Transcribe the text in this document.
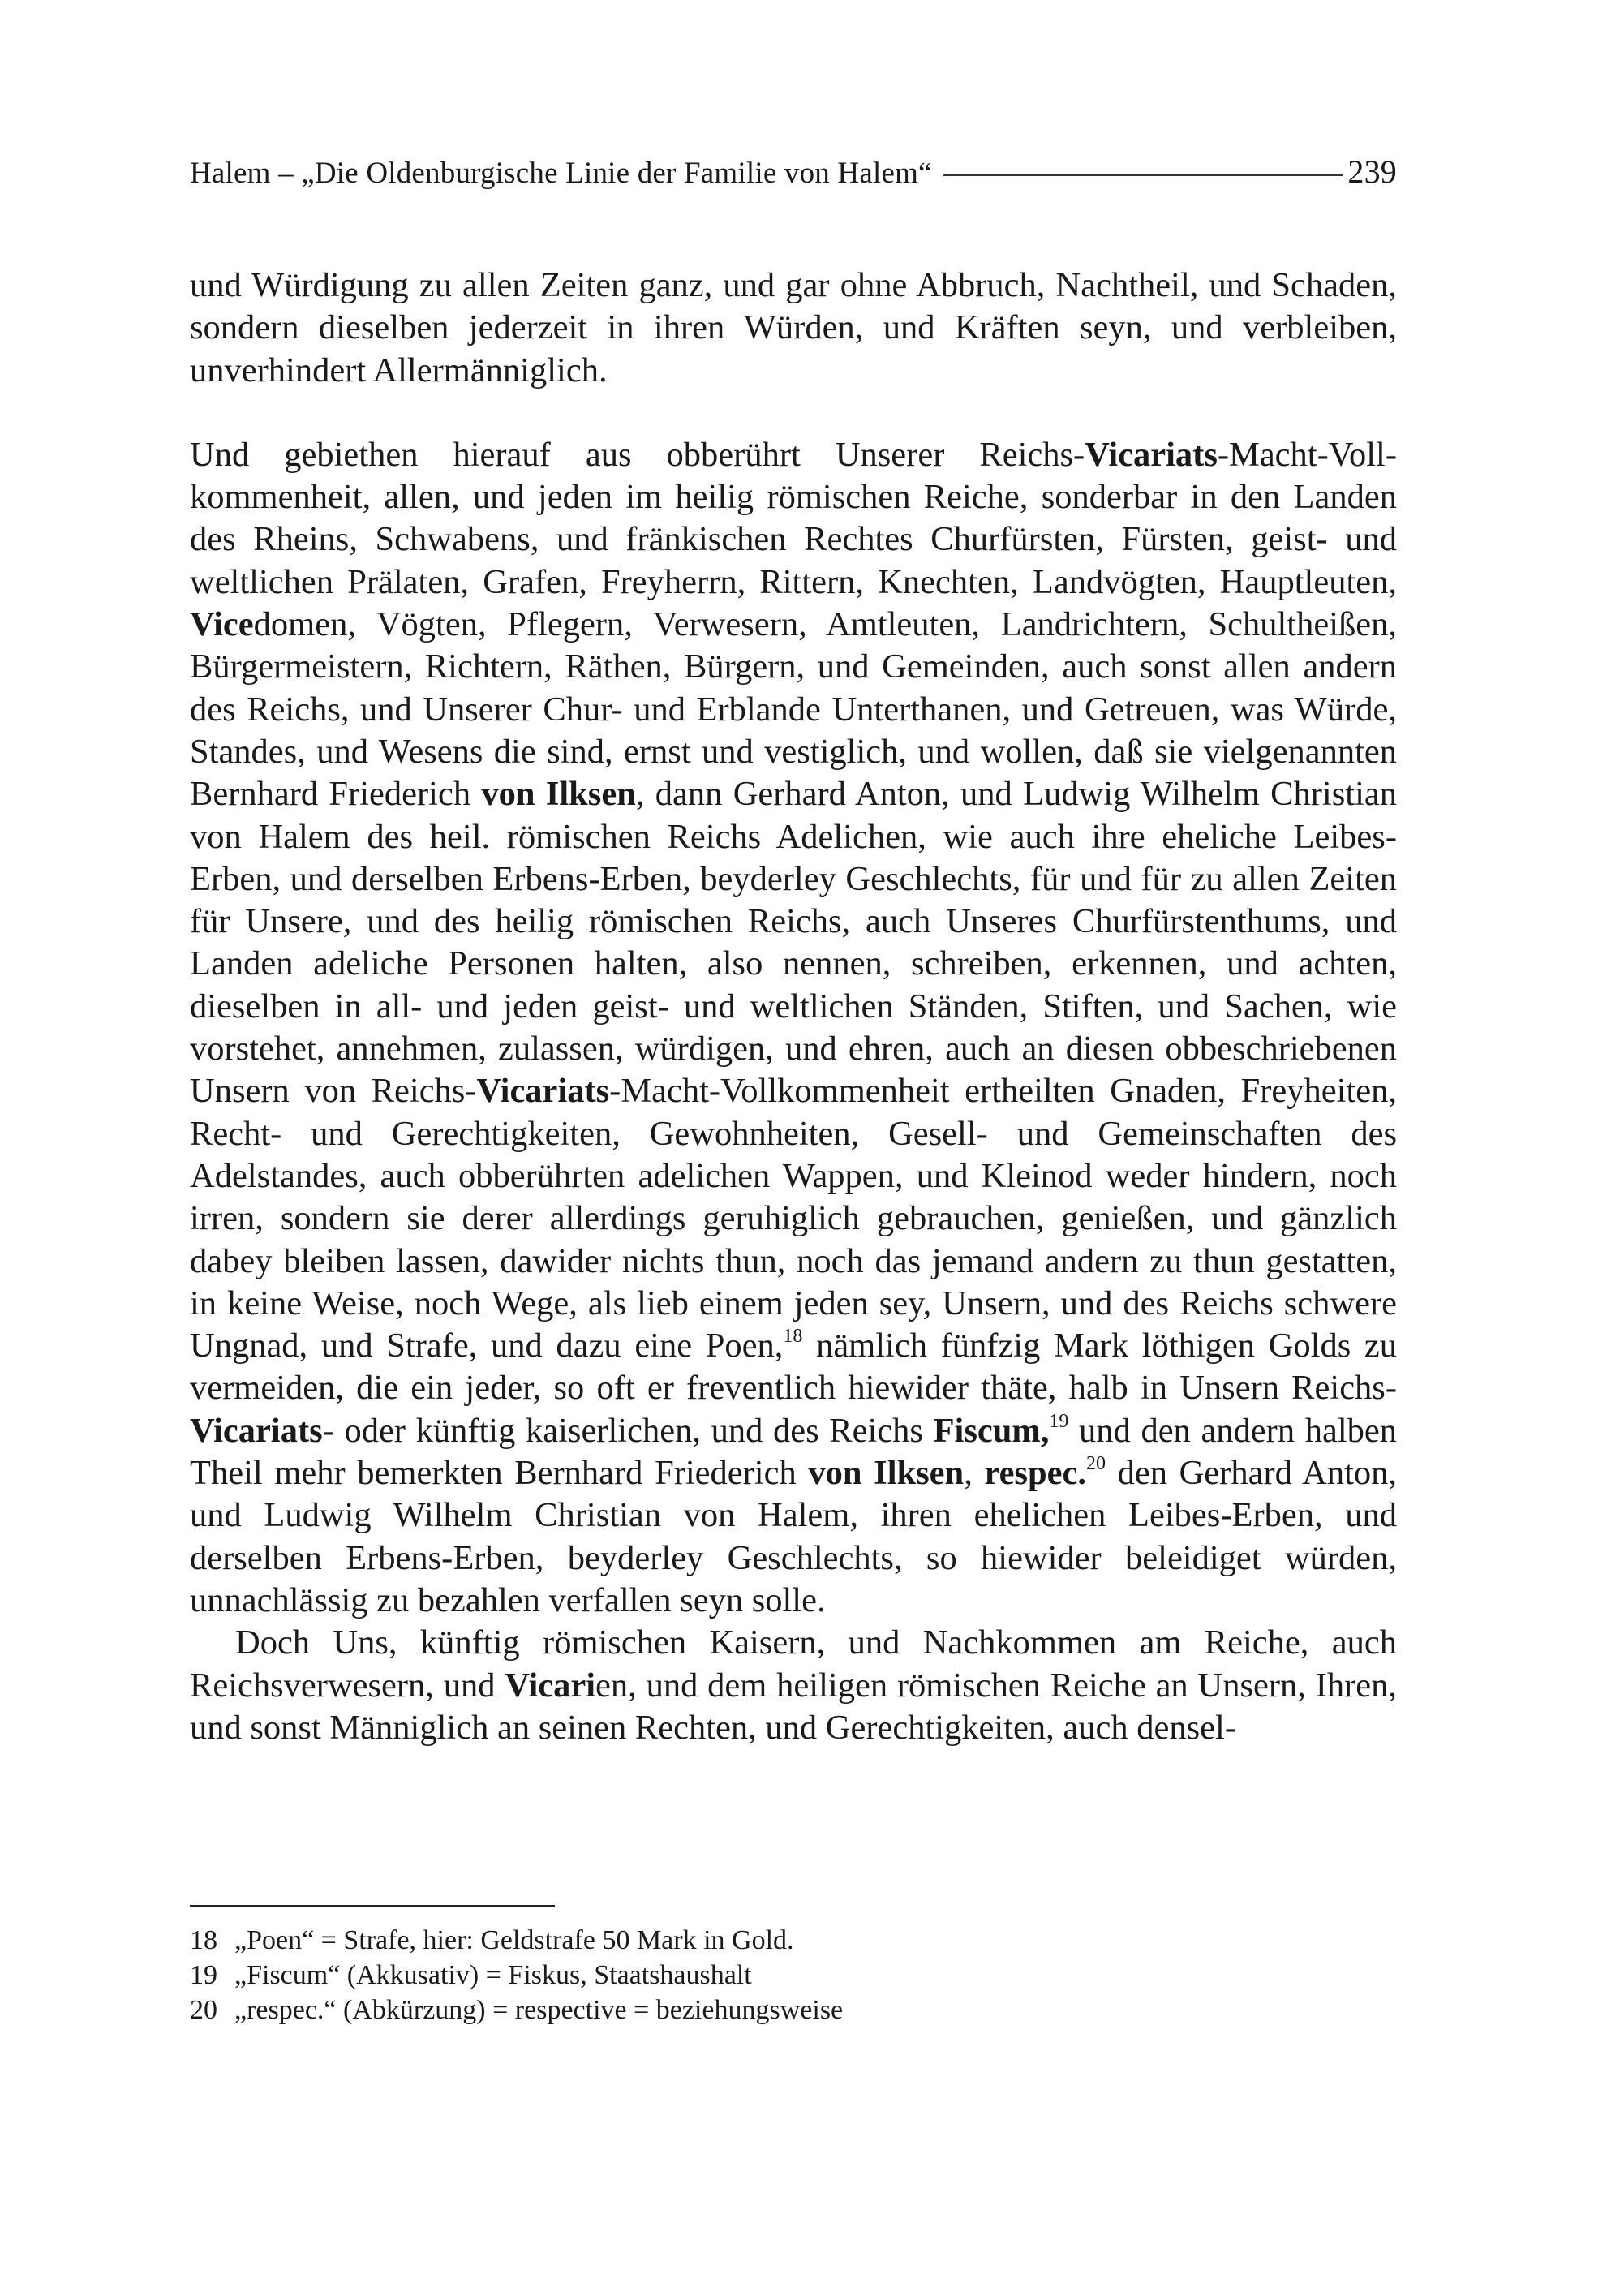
Halem – „Die Oldenburgische Linie der Familie von Halem“	239

und Würdigung zu allen Zeiten ganz, und gar ohne Abbruch, Nachtheil, und Schaden, sondern dieselben jederzeit in ihren Würden, und Kräften seyn, und verbleiben, unverhindert Allermänniglich.

Und gebiethen hierauf aus obberührt Unserer Reichs-Vicariats-Macht-Vollkommenheit, allen, und jeden im heilig römischen Reiche, sonderbar in den Landen des Rheins, Schwabens, und fränkischen Rechtes Churfürsten, Fürsten, geist- und weltlichen Prälaten, Grafen, Freyherrn, Rittern, Knechten, Landvögten, Hauptleuten, Vicedomen, Vögten, Pflegern, Verwesern, Amtleuten, Landrichtern, Schultheißen, Bürgermeistern, Richtern, Räthen, Bürgern, und Gemeinden, auch sonst allen andern des Reichs, und Unserer Chur- und Erblande Unterthanen, und Getreuen, was Würde, Standes, und Wesens die sind, ernst und vestiglich, und wollen, daß sie vielgenannten Bernhard Friederich von Ilksen, dann Gerhard Anton, und Ludwig Wilhelm Christian von Halem des heil. römischen Reichs Adelichen, wie auch ihre eheliche Leibes-Erben, und derselben Erbens-Erben, beyderley Geschlechts, für und für zu allen Zeiten für Unsere, und des heilig römischen Reichs, auch Unseres Churfürstenthums, und Landen adeliche Personen halten, also nennen, schreiben, erkennen, und achten, dieselben in all- und jeden geist- und weltlichen Ständen, Stiften, und Sachen, wie vorstehet, annehmen, zulassen, würdigen, und ehren, auch an diesen obbeschriebenen Unsern von Reichs-Vicariats-Macht-Vollkommenheit ertheilten Gnaden, Freyheiten, Recht- und Gerechtigkeiten, Gewohnheiten, Gesell- und Gemeinschaften des Adelstandes, auch obberührten adelichen Wappen, und Kleinod weder hindern, noch irren, sondern sie derer allerdings geruhiglich gebrauchen, genießen, und gänzlich dabey bleiben lassen, dawider nichts thun, noch das jemand andern zu thun gestatten, in keine Weise, noch Wege, als lieb einem jeden sey, Unsern, und des Reichs schwere Ungnad, und Strafe, und dazu eine Poen,$^{18}$ nämlich fünfzig Mark löthigen Golds zu vermeiden, die ein jeder, so oft er freventlich hiewider thäte, halb in Unsern Reichs-Vicariats- oder künftig kaiserlichen, und des Reichs Fiscum,$^{19}$ und den andern halben Theil mehr bemerkten Bernhard Friederich von Ilksen, respec.$^{20}$ den Gerhard Anton, und Ludwig Wilhelm Christian von Halem, ihren ehelichen Leibes-Erben, und derselben Erbens-Erben, beyderley Geschlechts, so hiewider beleidiget würden, unnachlässig zu bezahlen verfallen seyn solle.

Doch Uns, künftig römischen Kaisern, und Nachkommen am Reiche, auch Reichsverwesern, und Vicarien, und dem heiligen römischen Reiche an Unsern, Ihren, und sonst Männiglich an seinen Rechten, und Gerechtigkeiten, auch densel-

18 „Poen“ = Strafe, hier: Geldstrafe 50 Mark in Gold.
19 „Fiscum“ (Akkusativ) = Fiskus, Staatshaushalt
20 „respec.“ (Abkürzung) = respective = beziehungsweise
